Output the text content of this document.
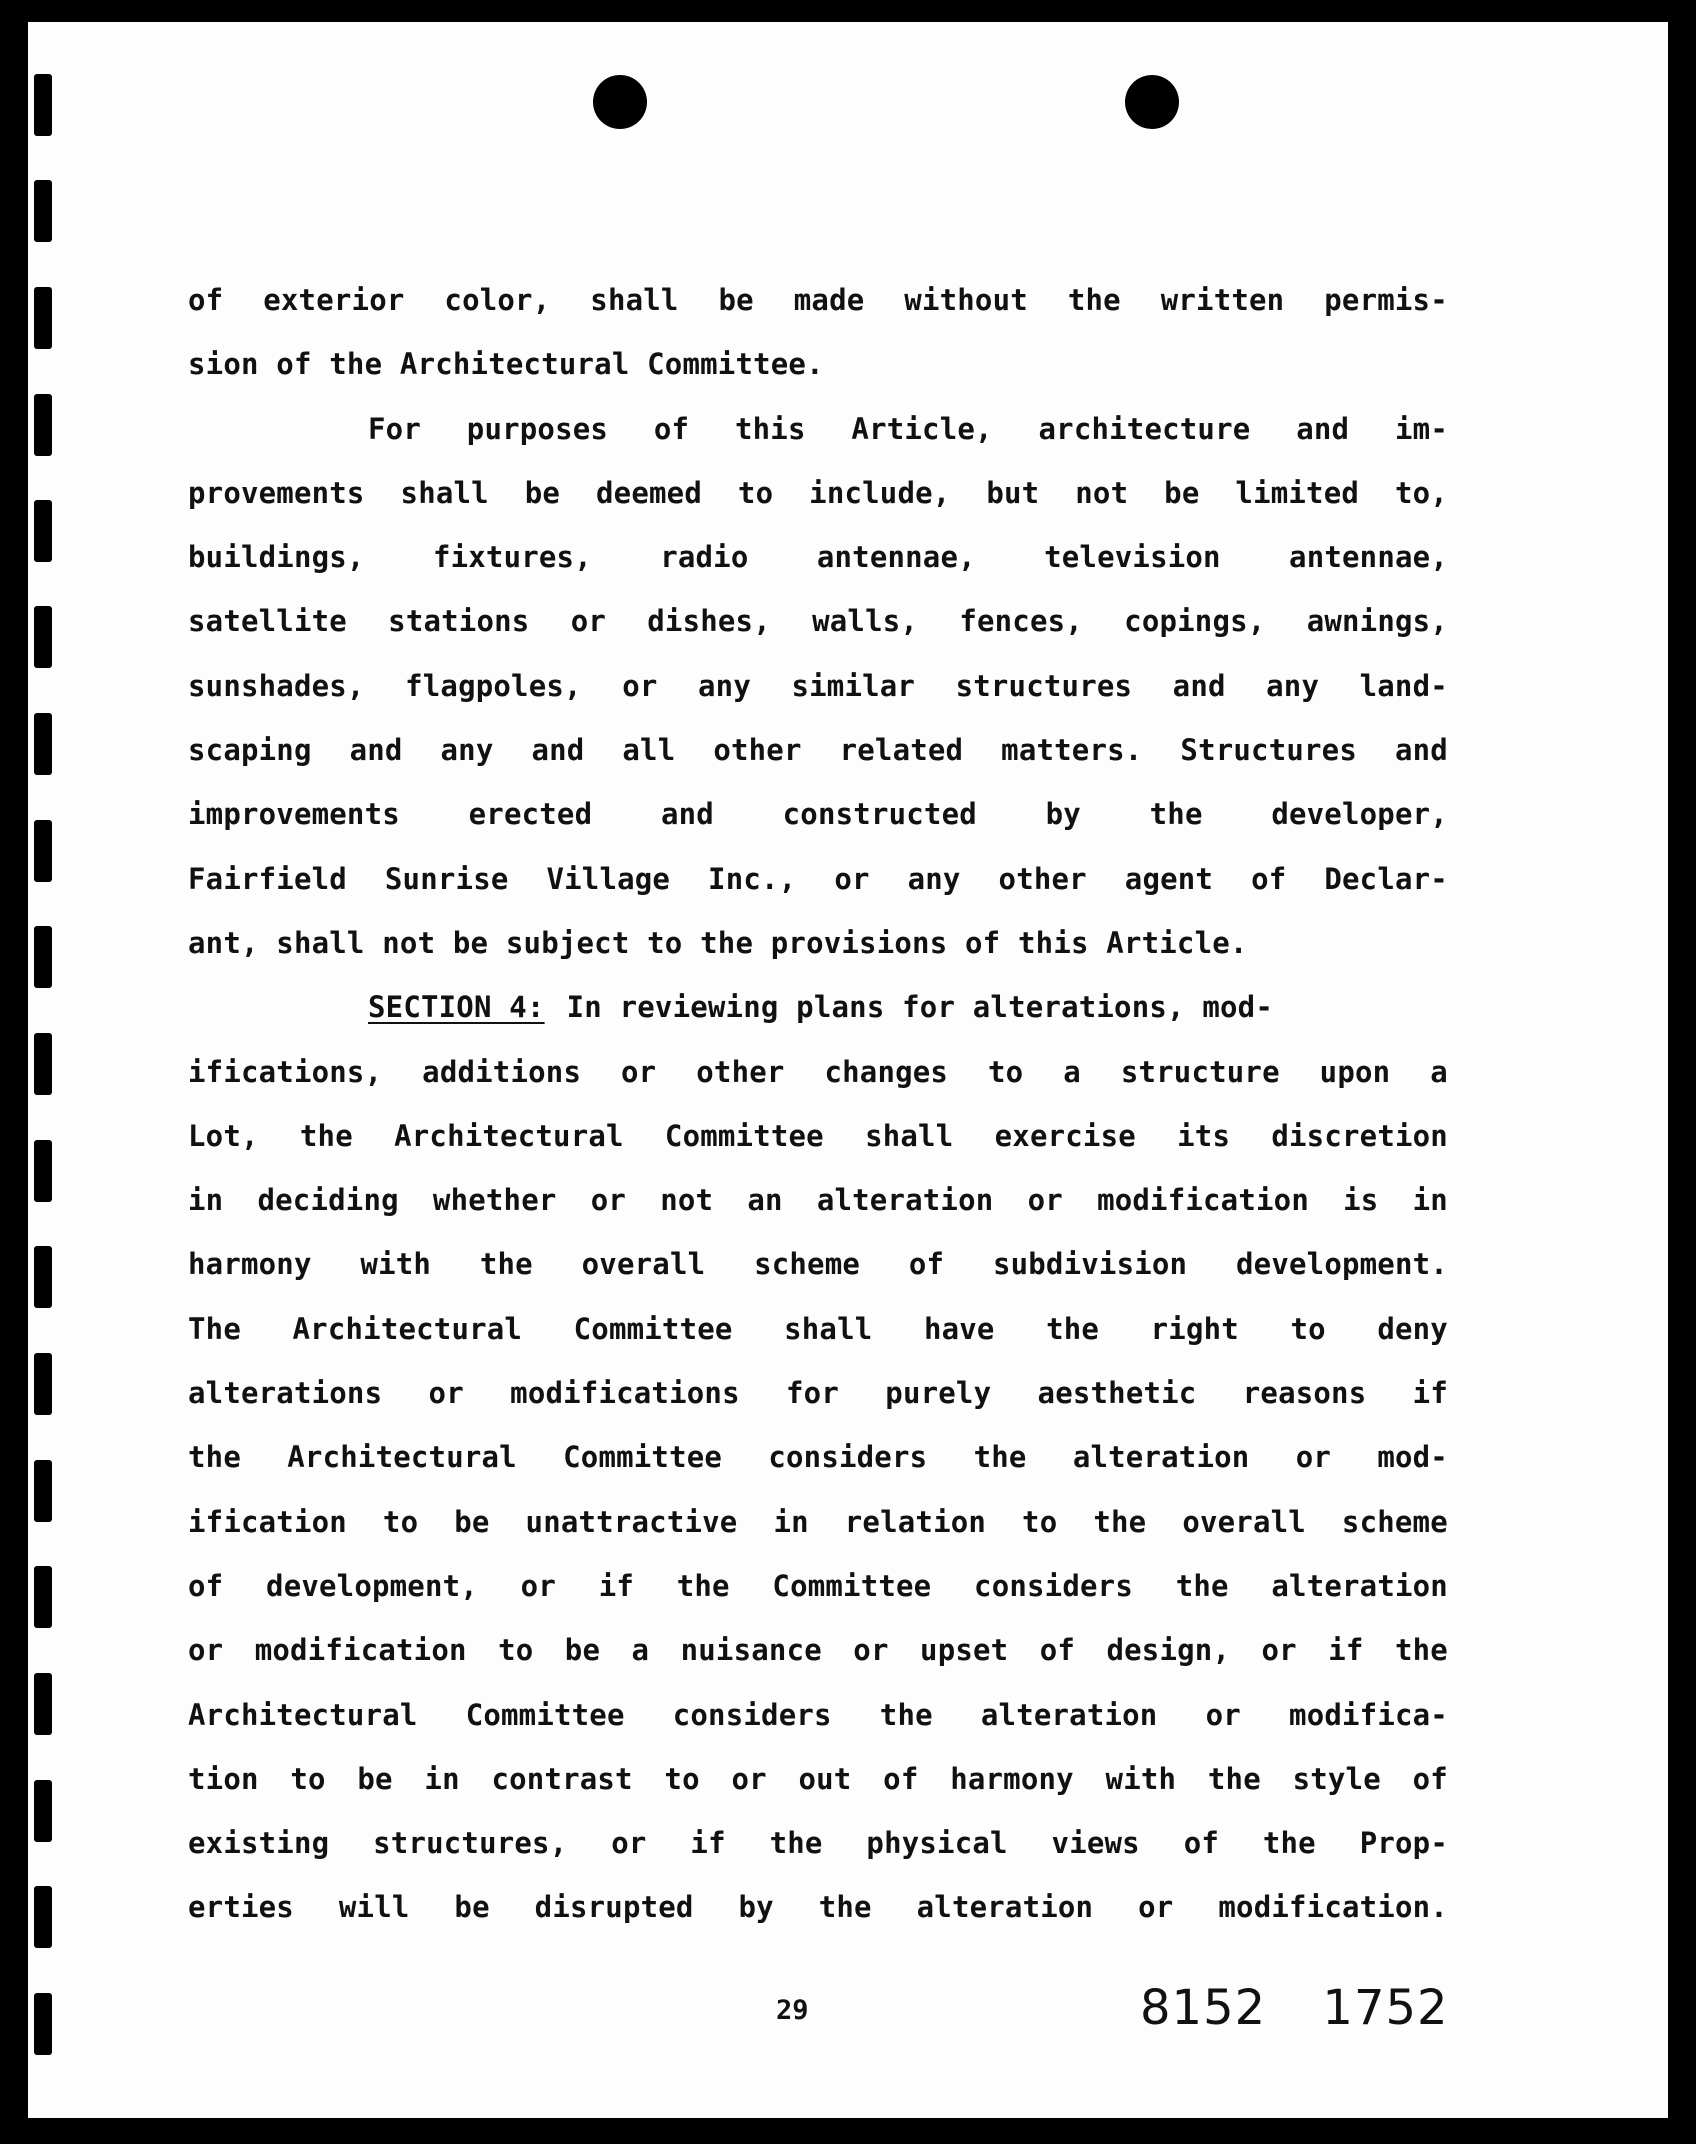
of exterior color, shall be made without the written permis-
sion of the Architectural Committee.
For purposes of this Article, architecture and im-
provements shall be deemed to include, but not be limited to,
buildings, fixtures, radio antennae, television antennae,
satellite stations or dishes, walls, fences, copings, awnings,
sunshades, flagpoles, or any similar structures and any land-
scaping and any and all other related matters. Structures and
improvements erected and constructed by the developer,
Fairfield Sunrise Village Inc., or any other agent of Declar-
ant, shall not be subject to the provisions of this Article.
SECTION 4: In reviewing plans for alterations, mod-
ifications, additions or other changes to a structure upon a
Lot, the Architectural Committee shall exercise its discretion
in deciding whether or not an alteration or modification is in
harmony with the overall scheme of subdivision development.
The Architectural Committee shall have the right to deny
alterations or modifications for purely aesthetic reasons if
the Architectural Committee considers the alteration or mod-
ification to be unattractive in relation to the overall scheme
of development, or if the Committee considers the alteration
or modification to be a nuisance or upset of design, or if the
Architectural Committee considers the alteration or modifica-
tion to be in contrast to or out of harmony with the style of
existing structures, or if the physical views of the Prop-
erties will be disrupted by the alteration or modification.
29	8152 1752
